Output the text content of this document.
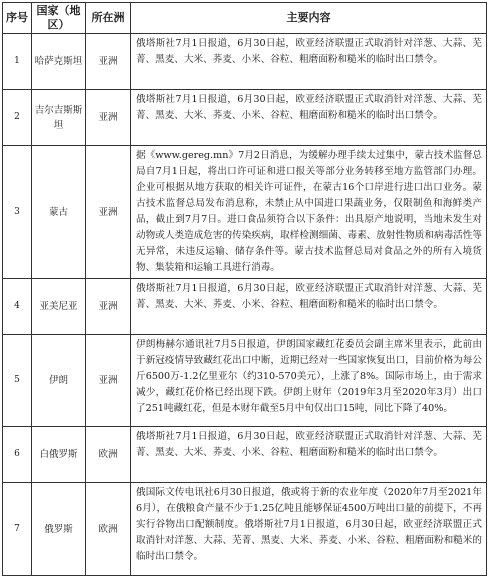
序号	国家（地区）	所在洲	主要内容
1	哈萨克斯坦	亚洲	俄塔斯社7月1日报道，6月30日起，欧亚经济联盟正式取消针对洋葱、大蒜、芜菁、黑麦、大米、荞麦、小米、谷粒、粗磨面粉和糙米的临时出口禁令。
2	吉尔吉斯斯坦	亚洲	俄塔斯社7月1日报道，6月30日起，欧亚经济联盟正式取消针对洋葱、大蒜、芜菁、黑麦、大米、荞麦、小米、谷粒、粗磨面粉和糙米的临时出口禁令。
3	蒙古	亚洲	据《www.gereg.mn》7月2日消息，为缓解办理手续太过集中，蒙古技术监督总局自7月1日起，将出口许可证和进口报关等部分业务转移至地方监管部门办理。企业可根据从地方获取的相关许可证件，在蒙古16个口岸进行进口出口业务。蒙古技术监督总局发布消息称，未禁止从中国进口果蔬业务，仅限制鱼和海鲜类产品，截止到7月7日。进口食品须符合以下条件：出具原产地说明，当地未发生对动物或人类造成危害的传染疾病，取样检测细菌、毒素、放射性物质和病毒活性等无异常，未违反运输、储存条件等。蒙古技术监督总局对食品之外的所有入境货物、集装箱和运输工具进行消毒。
4	亚美尼亚	亚洲	俄塔斯社7月1日报道，6月30日起，欧亚经济联盟正式取消针对洋葱、大蒜、芜菁、黑麦、大米、荞麦、小米、谷粒、粗磨面粉和糙米的临时出口禁令。
5	伊朗	亚洲	伊朗梅赫尔通讯社7月5日报道，伊朗国家藏红花委员会副主席米里表示，此前由于新冠疫情导致藏红花出口中断，近期已经对一些国家恢复出口，目前价格为每公斤6500万-1.2亿里亚尔（约310-570美元），上涨了8%。国际市场上，由于需求减少，藏红花价格已经出现下跌。伊朗上财年（2019年3月至2020年3月）出口了251吨藏红花，但是本财年截至5月中旬仅出口15吨，同比下降了40%。
6	白俄罗斯	欧洲	俄塔斯社7月1日报道，6月30日起，欧亚经济联盟正式取消针对洋葱、大蒜、芜菁、黑麦、大米、荞麦、小米、谷粒、粗磨面粉和糙米的临时出口禁令。
7	俄罗斯	欧洲	俄国际文传电讯社6月30日报道，俄或将于新的农业年度（2020年7月至2021年6月），在俄粮食产量不少于1.25亿吨且能够保证4500万吨出口量的前提下，不再实行谷物出口配额制度。俄塔斯社7月1日报道，6月30日起，欧亚经济联盟正式取消针对洋葱、大蒜、芜菁、黑麦、大米、荞麦、小米、谷粒、粗磨面粉和糙米的临时出口禁令。
